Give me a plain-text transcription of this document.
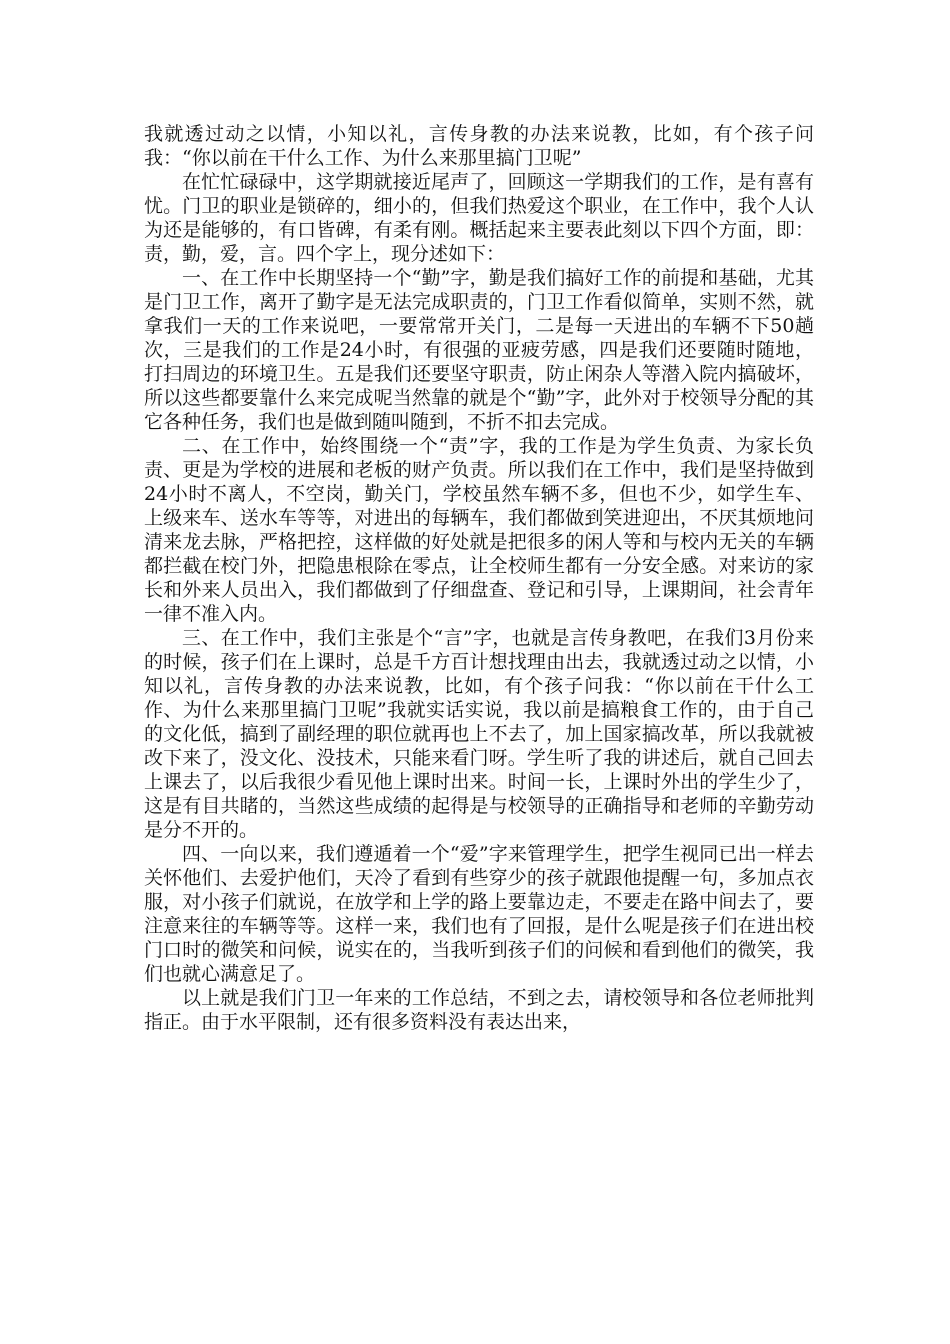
我就透过动之以情，小知以礼，言传身教的办法来说教，比如，有个孩子问我：“你以前在干什么工作、为什么来那里搞门卫呢”

在忙忙碌碌中，这学期就接近尾声了，回顾这一学期我们的工作，是有喜有忧。门卫的职业是锁碎的，细小的，但我们热爱这个职业，在工作中，我个人认为还是能够的，有口皆碑，有柔有刚。概括起来主要表此刻以下四个方面，即：责，勤，爱，言。四个字上，现分述如下：

一、在工作中长期坚持一个“勤”字，勤是我们搞好工作的前提和基础，尤其是门卫工作，离开了勤字是无法完成职责的，门卫工作看似简单，实则不然，就拿我们一天的工作来说吧，一要常常开关门，二是每一天进出的车辆不下50趟次，三是我们的工作是24小时，有很强的亚疲劳感，四是我们还要随时随地，打扫周边的环境卫生。五是我们还要坚守职责，防止闲杂人等潜入院内搞破坏，所以这些都要靠什么来完成呢当然靠的就是个“勤”字，此外对于校领导分配的其它各种任务，我们也是做到随叫随到，不折不扣去完成。

二、在工作中，始终围绕一个“责”字，我的工作是为学生负责、为家长负责、更是为学校的进展和老板的财产负责。所以我们在工作中，我们是坚持做到24小时不离人，不空岗，勤关门，学校虽然车辆不多，但也不少，如学生车、上级来车、送水车等等，对进出的每辆车，我们都做到笑进迎出，不厌其烦地问清来龙去脉，严格把控，这样做的好处就是把很多的闲人等和与校内无关的车辆都拦截在校门外，把隐患根除在零点，让全校师生都有一分安全感。对来访的家长和外来人员出入，我们都做到了仔细盘查、登记和引导，上课期间，社会青年一律不准入内。

三、在工作中，我们主张是个“言”字，也就是言传身教吧，在我们3月份来的时候，孩子们在上课时，总是千方百计想找理由出去，我就透过动之以情，小知以礼，言传身教的办法来说教，比如，有个孩子问我：“你以前在干什么工作、为什么来那里搞门卫呢”我就实话实说，我以前是搞粮食工作的，由于自己的文化低，搞到了副经理的职位就再也上不去了，加上国家搞改革，所以我就被改下来了，没文化、没技术，只能来看门呀。学生听了我的讲述后，就自己回去上课去了，以后我很少看见他上课时出来。时间一长，上课时外出的学生少了，这是有目共睹的，当然这些成绩的起得是与校领导的正确指导和老师的辛勤劳动是分不开的。

四、一向以来，我们遵遁着一个“爱”字来管理学生，把学生视同已出一样去关怀他们、去爱护他们，天冷了看到有些穿少的孩子就跟他提醒一句，多加点衣服，对小孩子们就说，在放学和上学的路上要靠边走，不要走在路中间去了，要注意来往的车辆等等。这样一来，我们也有了回报，是什么呢是孩子们在进出校门口时的微笑和问候，说实在的，当我听到孩子们的问候和看到他们的微笑，我们也就心满意足了。

以上就是我们门卫一年来的工作总结，不到之去，请校领导和各位老师批判指正。由于水平限制，还有很多资料没有表达出来，
